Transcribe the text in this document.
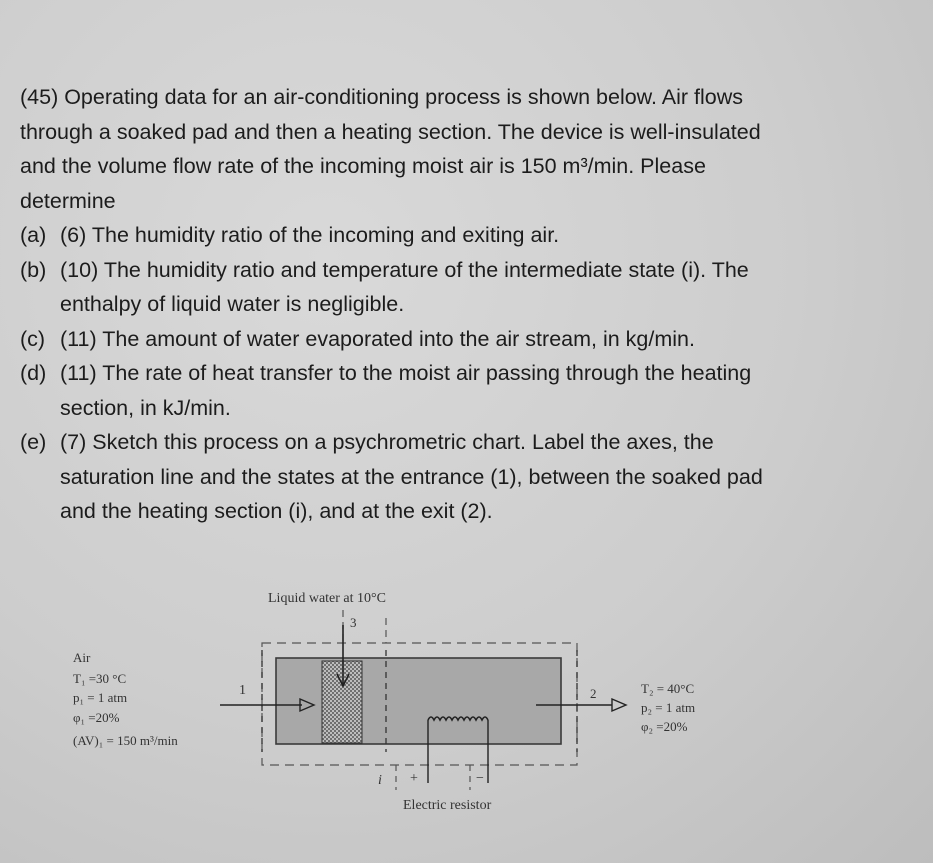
(45) Operating data for an air-conditioning process is shown below. Air flows

through a soaked pad and then a heating section. The device is well-insulated

and the volume flow rate of the incoming moist air is 150 m³/min. Please

determine

(a) (6) The humidity ratio of the incoming and exiting air.

(b) (10) The humidity ratio and temperature of the intermediate state (i). The

enthalpy of liquid water is negligible.

(c) (11) The amount of water evaporated into the air stream, in kg/min.

(d) (11) The rate of heat transfer to the moist air passing through the heating

section, in kJ/min.

(e) (7) Sketch this process on a psychrometric chart. Label the axes, the

saturation line and the states at the entrance (1), between the soaked pad

and the heating section (i), and at the exit (2).

Liquid water at 10°C
3
1	2
i +	−
Electric resistor
Air
T₁ =30 °C
p₁ = 1 atm
φ₁ =20%
(AV)₁ = 150 m³/min
T₂ = 40°C
p₂ = 1 atm
φ₂ =20%
